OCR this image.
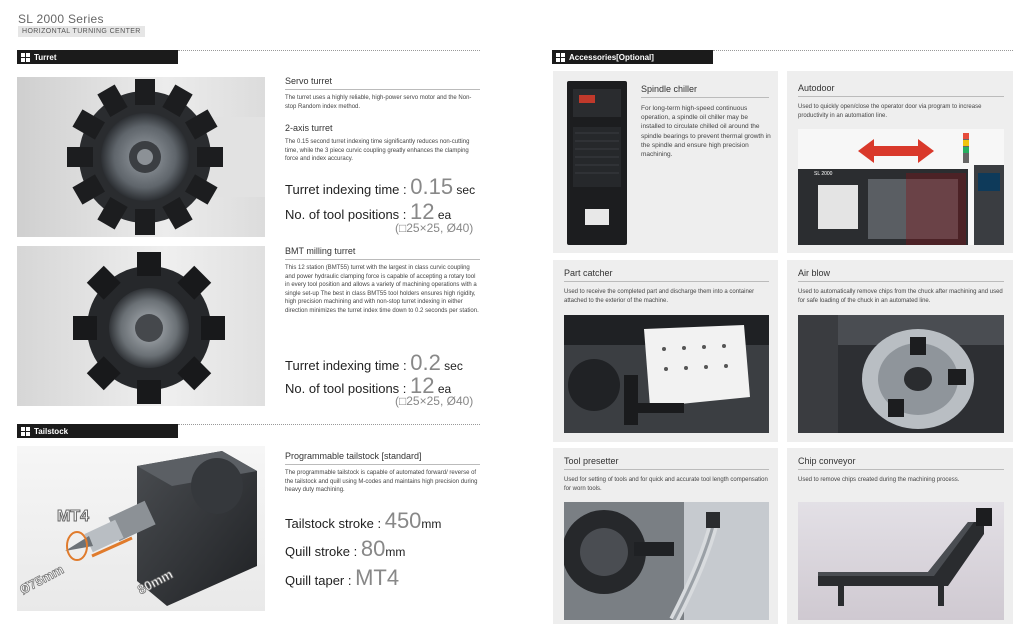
SL 2000 Series
HORIZONTAL TURNING CENTER
Turret
Servo turret
The turret uses a highly reliable, high-power servo motor and the Non-stop Random index method.
2-axis turret
The 0.15 second turret indexing time significantly reduces non-cutting time, while the 3 piece curvic coupling greatly enhances the clamping force and index accuracy.
Turret indexing time : 0.15 sec
No. of tool positions : 12 ea
(□25×25, Ø40)
BMT milling turret
This 12 station (BMT55) turret with the largest in class curvic coupling and power hydraulic clamping force is capable of accepting a rotary tool in every tool position and allows a variety of machining operations with a single set-up The best in class BMT55 tool holders ensures high rigidity, high precision machining and with non-stop turret indexing in either direction minimizes the turret index time down to 0.2 seconds per station.
Turret indexing time : 0.2 sec
No. of tool positions : 12 ea
(□25×25, Ø40)
Tailstock
MT4
Ø75mm	80mm
Programmable tailstock [standard]
The programmable tailstock is capable of automated forward/ reverse of the tailstock and quill using M-codes and maintains high precision during heavy duty machining.
Tailstock stroke : 450mm
Quill stroke : 80mm
Quill taper : MT4
Accessories[Optional]
Spindle chiller
For long-term high-speed continuous operation, a spindle oil chiller may be installed to circulate chilled oil around the spindle bearings to prevent thermal growth in the spindle and ensure high precision machining.
Autodoor
Used to quickly open/close the operator door via program to increase productivity in an automation line.
SL 2000
Part catcher
Used to receive the completed part and discharge them into a container attached to the exterior of the machine.
Air blow
Used to automatically remove chips from the chuck after machining and used for safe loading of the chuck in an automated line.
Tool presetter
Used for setting of tools and for quick and accurate tool length compensation for worn tools.
Chip conveyor
Used to remove chips created during the machining process.
